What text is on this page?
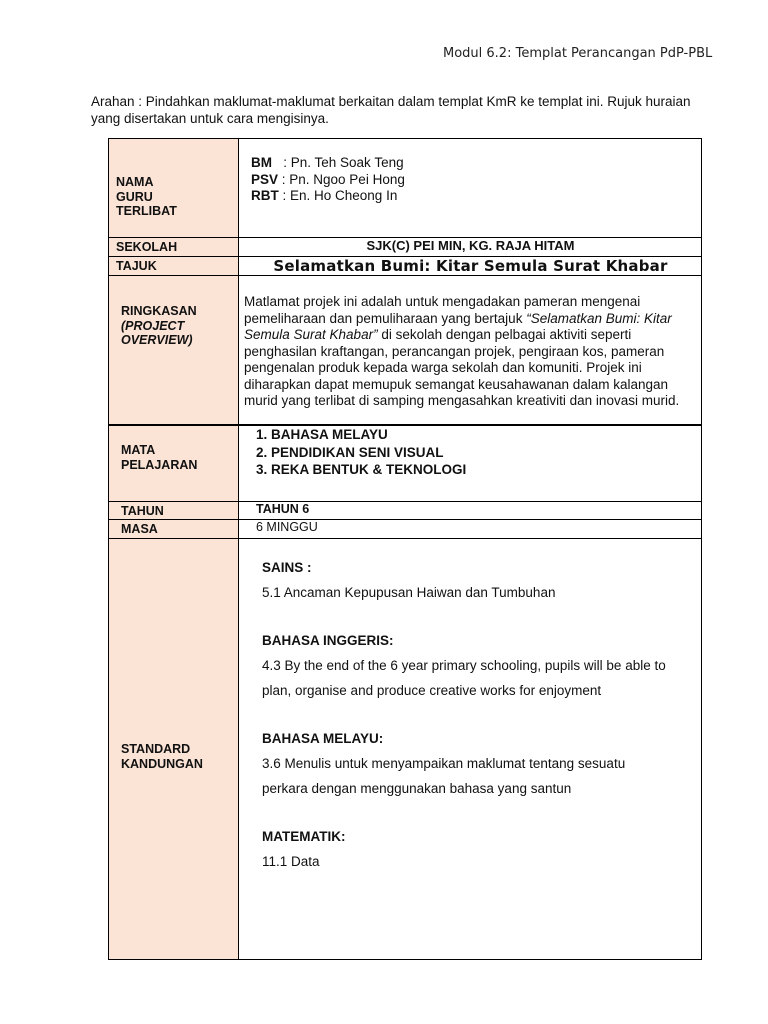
Modul 6.2: Templat Perancangan PdP-PBL
Arahan : Pindahkan maklumat-maklumat berkaitan dalam templat KmR ke templat ini. Rujuk huraian yang disertakan untuk cara mengisinya.
NAMA
GURU
TERLIBAT
SEKOLAH
TAJUK
RINGKASAN
(PROJECT
OVERVIEW)
MATA
PELAJARAN
TAHUN
MASA
STANDARD
KANDUNGAN
BM   : Pn. Teh Soak Teng
PSV : Pn. Ngoo Pei Hong
RBT : En. Ho Cheong In
SJK(C) PEI MIN, KG. RAJA HITAM
Selamatkan Bumi: Kitar Semula Surat Khabar
Matlamat projek ini adalah untuk mengadakan pameran mengenai pemeliharaan dan pemuliharaan yang bertajuk “Selamatkan Bumi: Kitar Semula Surat Khabar” di sekolah dengan pelbagai aktiviti seperti penghasilan kraftangan, perancangan projek, pengiraan kos, pameran pengenalan produk kepada warga sekolah dan komuniti. Projek ini diharapkan dapat memupuk semangat keusahawanan dalam kalangan murid yang terlibat di samping mengasahkan kreativiti dan inovasi murid.
1. BAHASA MELAYU
2. PENDIDIKAN SENI VISUAL
3. REKA BENTUK & TEKNOLOGI
TAHUN 6
6 MINGGU
SAINS :
5.1 Ancaman Kepupusan Haiwan dan Tumbuhan
BAHASA INGGERIS:
4.3 By the end of the 6 year primary schooling, pupils will be able to
plan, organise and produce creative works for enjoyment
BAHASA MELAYU:
3.6 Menulis untuk menyampaikan maklumat tentang sesuatu
perkara dengan menggunakan bahasa yang santun
MATEMATIK:
11.1 Data
